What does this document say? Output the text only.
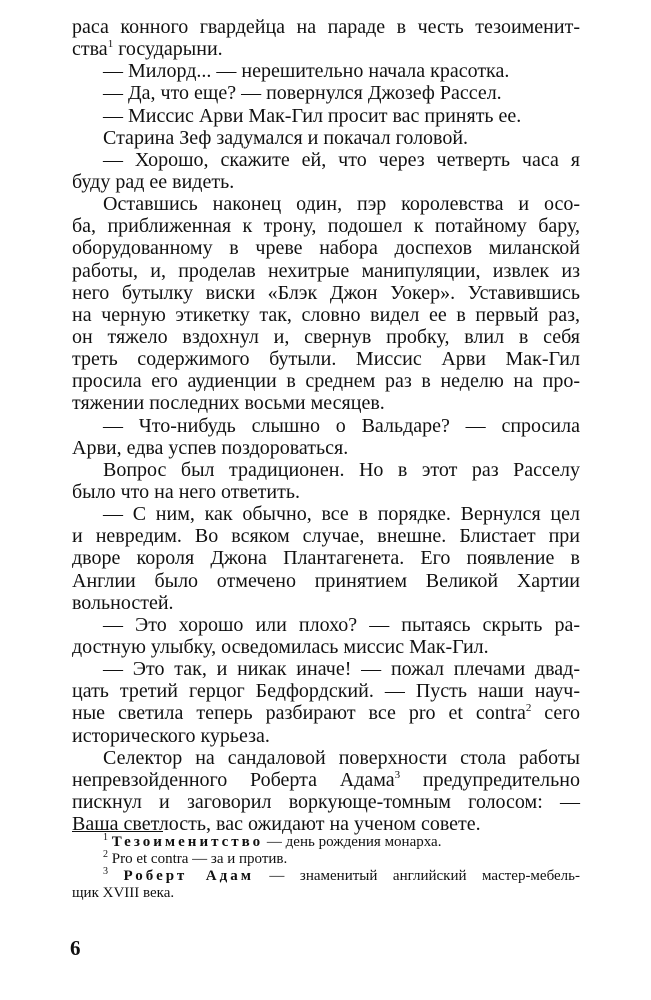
раса конного гвардейца на параде в честь тезоименит-
ства$^1$ государыни.
— Милорд... — нерешительно начала красотка.
— Да, что еще? — повернулся Джозеф Рассел.
— Миссис Арви Мак-Гил просит вас принять ее.
Старина Зеф задумался и покачал головой.
— Хорошо, скажите ей, что через четверть часа я
буду рад ее видеть.
Оставшись наконец один, пэр королевства и осо-
ба, приближенная к трону, подошел к потайному бару,
оборудованному в чреве набора доспехов миланской
работы, и, проделав нехитрые манипуляции, извлек из
него бутылку виски «Блэк Джон Уокер». Уставившись
на черную этикетку так, словно видел ее в первый раз,
он тяжело вздохнул и, свернув пробку, влил в себя
треть содержимого бутыли. Миссис Арви Мак-Гил
просила его аудиенции в среднем раз в неделю на про-
тяжении последних восьми месяцев.
— Что-нибудь слышно о Вальдаре? — спросила
Арви, едва успев поздороваться.
Вопрос был традиционен. Но в этот раз Расселу
было что на него ответить.
— С ним, как обычно, все в порядке. Вернулся цел
и невредим. Во всяком случае, внешне. Блистает при
дворе короля Джона Плантагенета. Его появление в
Англии было отмечено принятием Великой Хартии
вольностей.
— Это хорошо или плохо? — пытаясь скрыть ра-
достную улыбку, осведомилась миссис Мак-Гил.
— Это так, и никак иначе! — пожал плечами двад-
цать третий герцог Бедфордский. — Пусть наши науч-
ные светила теперь разбирают все pro et contra$^2$ сего
исторического курьеза.
Селектор на сандаловой поверхности стола работы
непревзойденного Роберта Адама$^3$ предупредительно
пискнул и заговорил воркующе-томным голосом: —
Ваша светлость, вас ожидают на ученом совете.
$^1$ Тезоименитство — день рождения монарха.
$^2$ Pro et contra — за и против.
$^3$ Роберт Адам — знаменитый английский мастер-мебель-
щик XVIII века.
6
